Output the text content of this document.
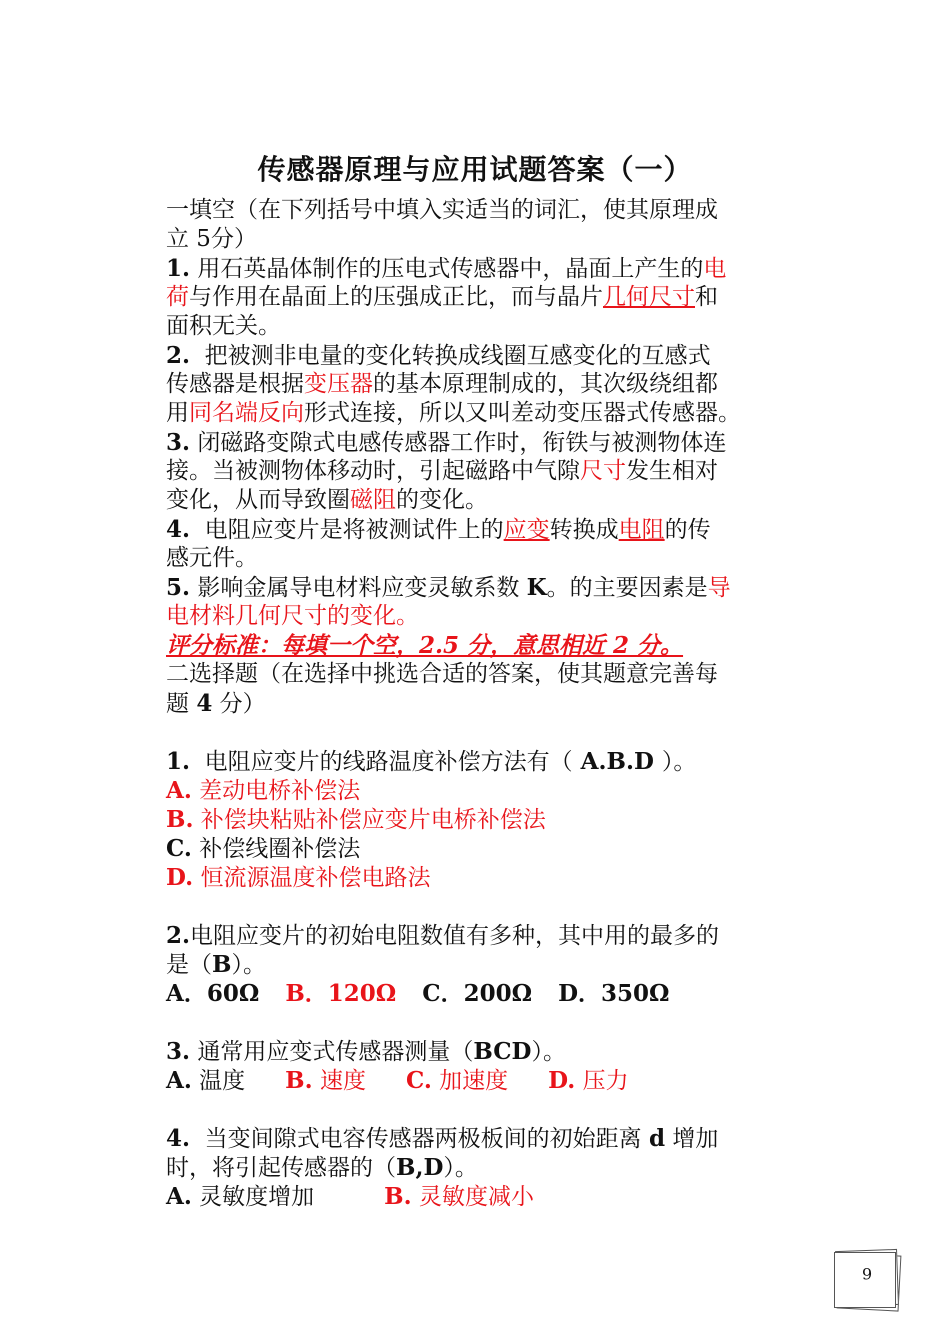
传感器原理与应用试题答案（一）
一填空（在下列括号中填入实适当的词汇，使其原理成
立 5分）
1. 用石英晶体制作的压电式传感器中，晶面上产生的电
荷与作用在晶面上的压强成正比，而与晶片几何尺寸和
面积无关。
2. 把被测非电量的变化转换成线圈互感变化的互感式
传感器是根据变压器的基本原理制成的，其次级绕组都
用同名端反向形式连接，所以又叫差动变压器式传感器。
3. 闭磁路变隙式电感传感器工作时，衔铁与被测物体连
接。当被测物体移动时，引起磁路中气隙尺寸发生相对
变化，从而导致圈磁阻的变化。
4. 电阻应变片是将被测试件上的应变转换成电阻的传
感元件。
5. 影响金属导电材料应变灵敏系数 K。的主要因素是导
电材料几何尺寸的变化。
评分标准：每填一个空，2.5 分，意思相近 2 分。
二选择题（在选择中挑选合适的答案，使其题意完善每
题 4 分）
1. 电阻应变片的线路温度补偿方法有（ A.B.D ）。
A. 差动电桥补偿法
B. 补偿块粘贴补偿应变片电桥补偿法
C. 补偿线圈补偿法
D. 恒流源温度补偿电路法
2.电阻应变片的初始电阻数值有多种，其中用的最多的
是（B）。
A．60Ω B．120Ω C．200Ω D．350Ω
3. 通常用应变式传感器测量（BCD）。
A. 温度 B. 速度 C. 加速度 D. 压力
4. 当变间隙式电容传感器两极板间的初始距离 d 增加
时，将引起传感器的（B,D）。
A. 灵敏度增加	B. 灵敏度减小
6
